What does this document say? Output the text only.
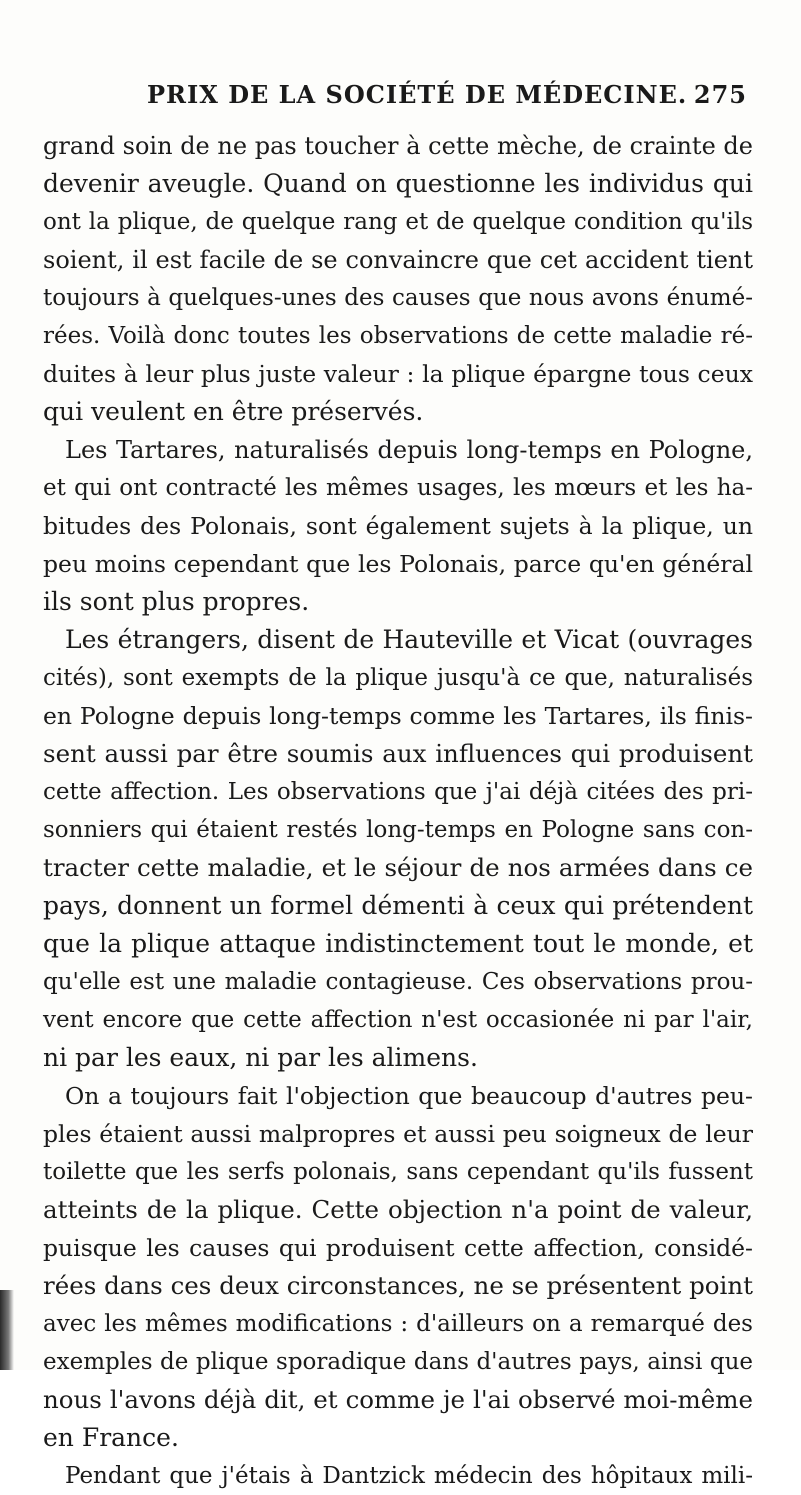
PRIX DE LA SOCIÉTÉ DE MÉDECINE. 275
grand soin de ne pas toucher à cette mèche, de crainte de
devenir aveugle. Quand on questionne les individus qui
ont la plique, de quelque rang et de quelque condition qu'ils
soient, il est facile de se convaincre que cet accident tient
toujours à quelques-unes des causes que nous avons énumé-
rées. Voilà donc toutes les observations de cette maladie ré-
duites à leur plus juste valeur : la plique épargne tous ceux
qui veulent en être préservés.
Les Tartares, naturalisés depuis long-temps en Pologne,
et qui ont contracté les mêmes usages, les mœurs et les ha-
bitudes des Polonais, sont également sujets à la plique, un
peu moins cependant que les Polonais, parce qu'en général
ils sont plus propres.
Les étrangers, disent de Hauteville et Vicat (ouvrages
cités), sont exempts de la plique jusqu'à ce que, naturalisés
en Pologne depuis long-temps comme les Tartares, ils finis-
sent aussi par être soumis aux influences qui produisent
cette affection. Les observations que j'ai déjà citées des pri-
sonniers qui étaient restés long-temps en Pologne sans con-
tracter cette maladie, et le séjour de nos armées dans ce
pays, donnent un formel démenti à ceux qui prétendent
que la plique attaque indistinctement tout le monde, et
qu'elle est une maladie contagieuse. Ces observations prou-
vent encore que cette affection n'est occasionée ni par l'air,
ni par les eaux, ni par les alimens.
On a toujours fait l'objection que beaucoup d'autres peu-
ples étaient aussi malpropres et aussi peu soigneux de leur
toilette que les serfs polonais, sans cependant qu'ils fussent
atteints de la plique. Cette objection n'a point de valeur,
puisque les causes qui produisent cette affection, considé-
rées dans ces deux circonstances, ne se présentent point
avec les mêmes modifications : d'ailleurs on a remarqué des
exemples de plique sporadique dans d'autres pays, ainsi que
nous l'avons déjà dit, et comme je l'ai observé moi-même
en France.
Pendant que j'étais à Dantzick médecin des hôpitaux mili-
